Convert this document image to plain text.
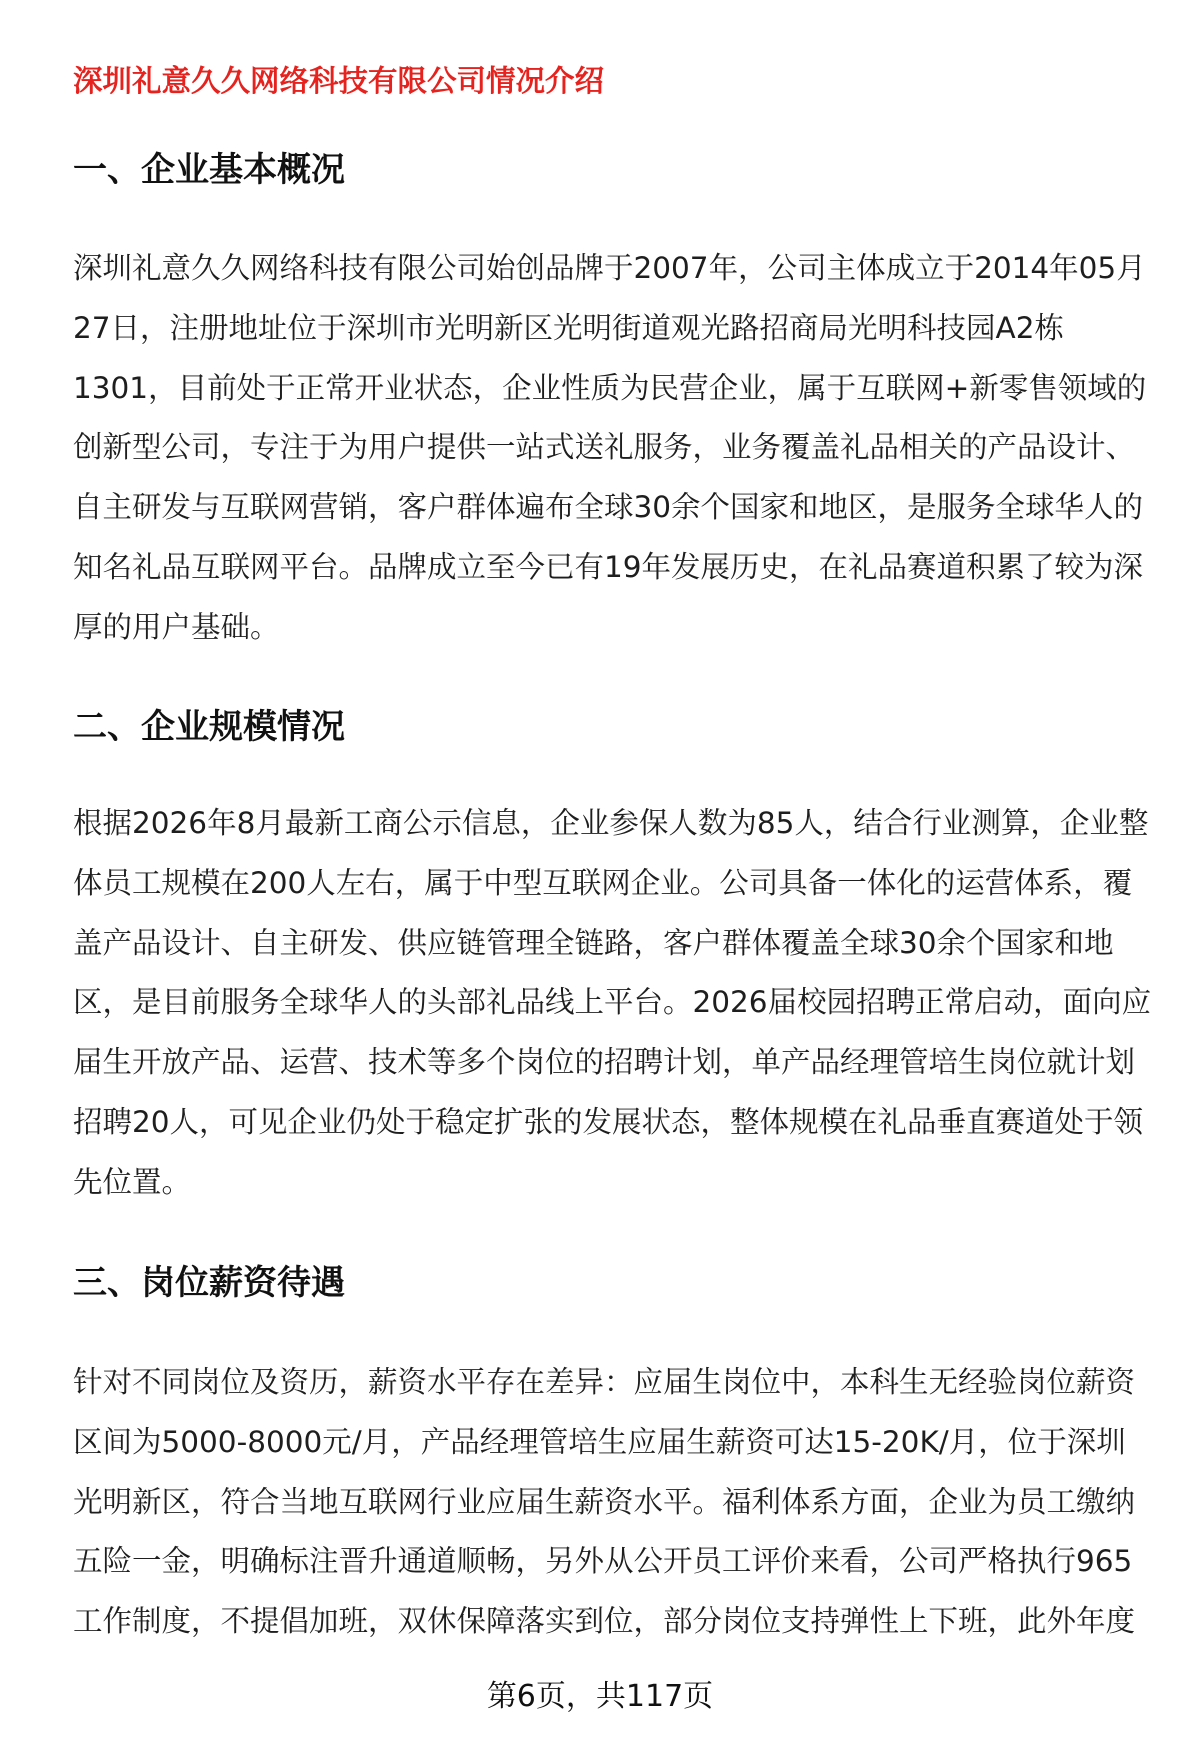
深圳礼意久久网络科技有限公司情况介绍
一、企业基本概况
深圳礼意久久网络科技有限公司始创品牌于2007年，公司主体成立于2014年05月
27日，注册地址位于深圳市光明新区光明街道观光路招商局光明科技园A2栋
1301，目前处于正常开业状态，企业性质为民营企业，属于互联网+新零售领域的
创新型公司，专注于为用户提供一站式送礼服务，业务覆盖礼品相关的产品设计、
自主研发与互联网营销，客户群体遍布全球30余个国家和地区，是服务全球华人的
知名礼品互联网平台。品牌成立至今已有19年发展历史，在礼品赛道积累了较为深
厚的用户基础。
二、企业规模情况
根据2026年8月最新工商公示信息，企业参保人数为85人，结合行业测算，企业整
体员工规模在200人左右，属于中型互联网企业。公司具备一体化的运营体系，覆
盖产品设计、自主研发、供应链管理全链路，客户群体覆盖全球30余个国家和地
区，是目前服务全球华人的头部礼品线上平台。2026届校园招聘正常启动，面向应
届生开放产品、运营、技术等多个岗位的招聘计划，单产品经理管培生岗位就计划
招聘20人，可见企业仍处于稳定扩张的发展状态，整体规模在礼品垂直赛道处于领
先位置。
三、岗位薪资待遇
针对不同岗位及资历，薪资水平存在差异：应届生岗位中，本科生无经验岗位薪资
区间为5000-8000元/月，产品经理管培生应届生薪资可达15-20K/月，位于深圳
光明新区，符合当地互联网行业应届生薪资水平。福利体系方面，企业为员工缴纳
五险一金，明确标注晋升通道顺畅，另外从公开员工评价来看，公司严格执行965
工作制度，不提倡加班，双休保障落实到位，部分岗位支持弹性上下班，此外年度
第6页，共117页
